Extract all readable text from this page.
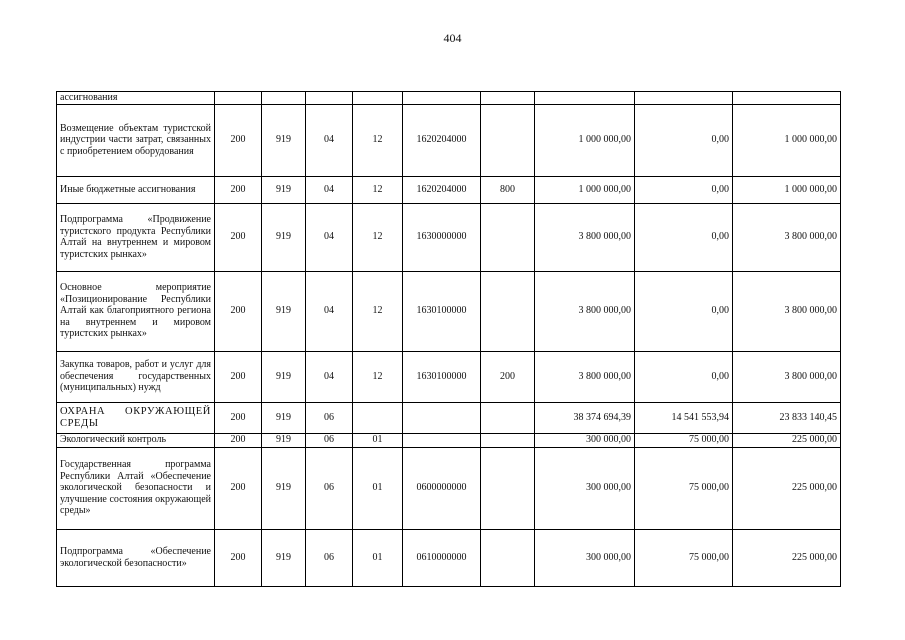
404
ассигнования									
Возмещение объектам туристской индустрии части затрат, связанных с приобретением оборудования	200	919	04	12	1620204000		1 000 000,00	0,00	1 000 000,00
Иные бюджетные ассигнования	200	919	04	12	1620204000	800	1 000 000,00	0,00	1 000 000,00
Подпрограмма «Продвижение туристского продукта Республики Алтай на внутреннем и мировом туристских рынках»	200	919	04	12	1630000000		3 800 000,00	0,00	3 800 000,00
Основное мероприятие «Позиционирование Республики Алтай как благоприятного региона на внутреннем и мировом туристских рынках»	200	919	04	12	1630100000		3 800 000,00	0,00	3 800 000,00
Закупка товаров, работ и услуг для обеспечения государственных (муниципальных) нужд	200	919	04	12	1630100000	200	3 800 000,00	0,00	3 800 000,00
ОХРАНА ОКРУЖАЮЩЕЙ СРЕДЫ	200	919	06				38 374 694,39	14 541 553,94	23 833 140,45
Экологический контроль	200	919	06	01			300 000,00	75 000,00	225 000,00
Государственная программа Республики Алтай «Обеспечение экологической безопасности и улучшение состояния окружающей среды»	200	919	06	01	0600000000		300 000,00	75 000,00	225 000,00
Подпрограмма «Обеспечение экологической безопасности»	200	919	06	01	0610000000		300 000,00	75 000,00	225 000,00
